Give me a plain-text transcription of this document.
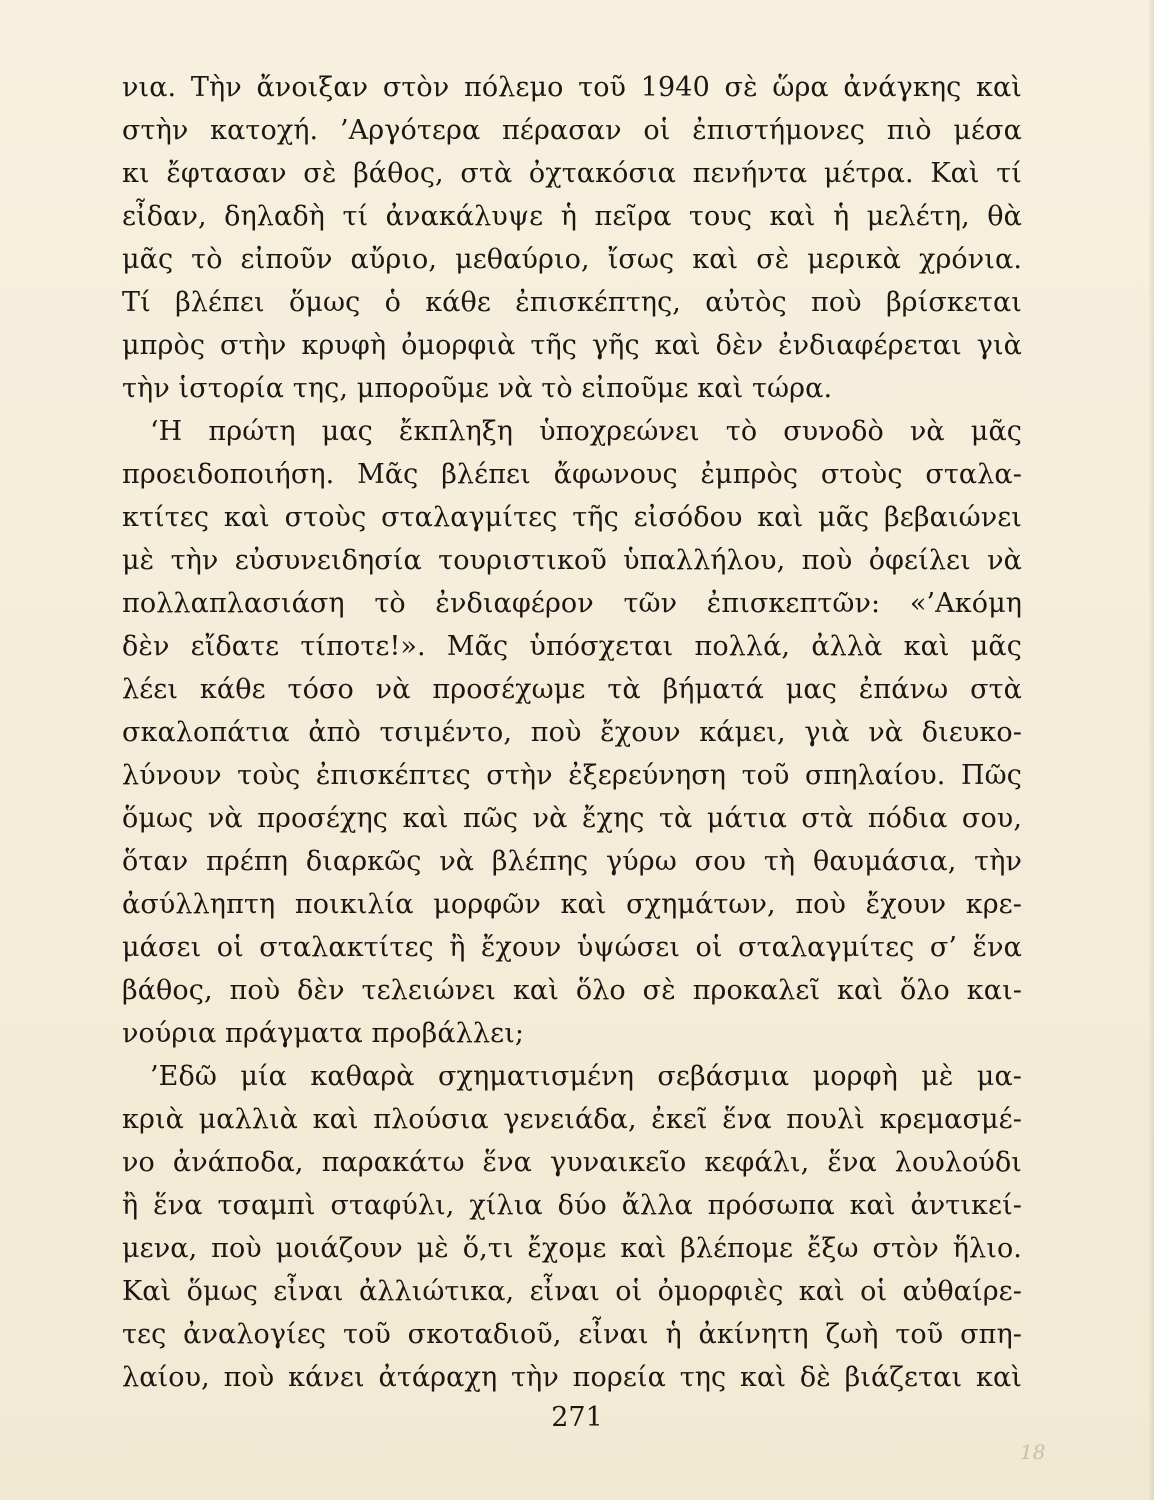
νια. Τὴν ἄνοιξαν στὸν πόλεμο τοῦ 1940 σὲ ὥρα ἀνάγκης καὶ
στὴν κατοχή. ’Αργότερα πέρασαν οἱ ἐπιστήμονες πιὸ μέσα
κι ἔφτασαν σὲ βάθος, στὰ ὀχτακόσια πενήντα μέτρα. Καὶ τί
εἶδαν, δηλαδὴ τί ἀνακάλυψε ἡ πεῖρα τους καὶ ἡ μελέτη, θὰ
μᾶς τὸ εἰποῦν αὔριο, μεθαύριο, ἴσως καὶ σὲ μερικὰ χρόνια.
Τί βλέπει ὅμως ὁ κάθε ἐπισκέπτης, αὐτὸς ποὺ βρίσκεται
μπρὸς στὴν κρυφὴ ὀμορφιὰ τῆς γῆς καὶ δὲν ἐνδιαφέρεται γιὰ
τὴν ἱστορία της, μποροῦμε νὰ τὸ εἰποῦμε καὶ τώρα.
‘Η πρώτη μας ἔκπληξη ὑποχρεώνει τὸ συνοδὸ νὰ μᾶς
προειδοποιήση. Μᾶς βλέπει ἄφωνους ἐμπρὸς στοὺς σταλα-
κτίτες καὶ στοὺς σταλαγμίτες τῆς εἰσόδου καὶ μᾶς βεβαιώνει
μὲ τὴν εὐσυνειδησία τουριστικοῦ ὑπαλλήλου, ποὺ ὀφείλει νὰ
πολλαπλασιάση τὸ ἐνδιαφέρον τῶν ἐπισκεπτῶν: «’Ακόμη
δὲν εἴδατε τίποτε!». Μᾶς ὑπόσχεται πολλά, ἀλλὰ καὶ μᾶς
λέει κάθε τόσο νὰ προσέχωμε τὰ βήματά μας ἐπάνω στὰ
σκαλοπάτια ἀπὸ τσιμέντο, ποὺ ἔχουν κάμει, γιὰ νὰ διευκο-
λύνουν τοὺς ἐπισκέπτες στὴν ἐξερεύνηση τοῦ σπηλαίου. Πῶς
ὅμως νὰ προσέχης καὶ πῶς νὰ ἔχης τὰ μάτια στὰ πόδια σου,
ὅταν πρέπη διαρκῶς νὰ βλέπης γύρω σου τὴ θαυμάσια, τὴν
ἀσύλληπτη ποικιλία μορφῶν καὶ σχημάτων, ποὺ ἔχουν κρε-
μάσει οἱ σταλακτίτες ἢ ἔχουν ὑψώσει οἱ σταλαγμίτες σ’ ἕνα
βάθος, ποὺ δὲν τελειώνει καὶ ὅλο σὲ προκαλεῖ καὶ ὅλο και-
νούρια πράγματα προβάλλει;
’Εδῶ μία καθαρὰ σχηματισμένη σεβάσμια μορφὴ μὲ μα-
κριὰ μαλλιὰ καὶ πλούσια γενειάδα, ἐκεῖ ἕνα πουλὶ κρεμασμέ-
νο ἀνάποδα, παρακάτω ἕνα γυναικεῖο κεφάλι, ἕνα λουλούδι
ἢ ἕνα τσαμπὶ σταφύλι, χίλια δύο ἄλλα πρόσωπα καὶ ἀντικεί-
μενα, ποὺ μοιάζουν μὲ ὅ,τι ἔχομε καὶ βλέπομε ἔξω στὸν ἥλιο.
Καὶ ὅμως εἶναι ἀλλιώτικα, εἶναι οἱ ὀμορφιὲς καὶ οἱ αὐθαίρε-
τες ἀναλογίες τοῦ σκοταδιοῦ, εἶναι ἡ ἀκίνητη ζωὴ τοῦ σπη-
λαίου, ποὺ κάνει ἀτάραχη τὴν πορεία της καὶ δὲ βιάζεται καὶ
271
18
